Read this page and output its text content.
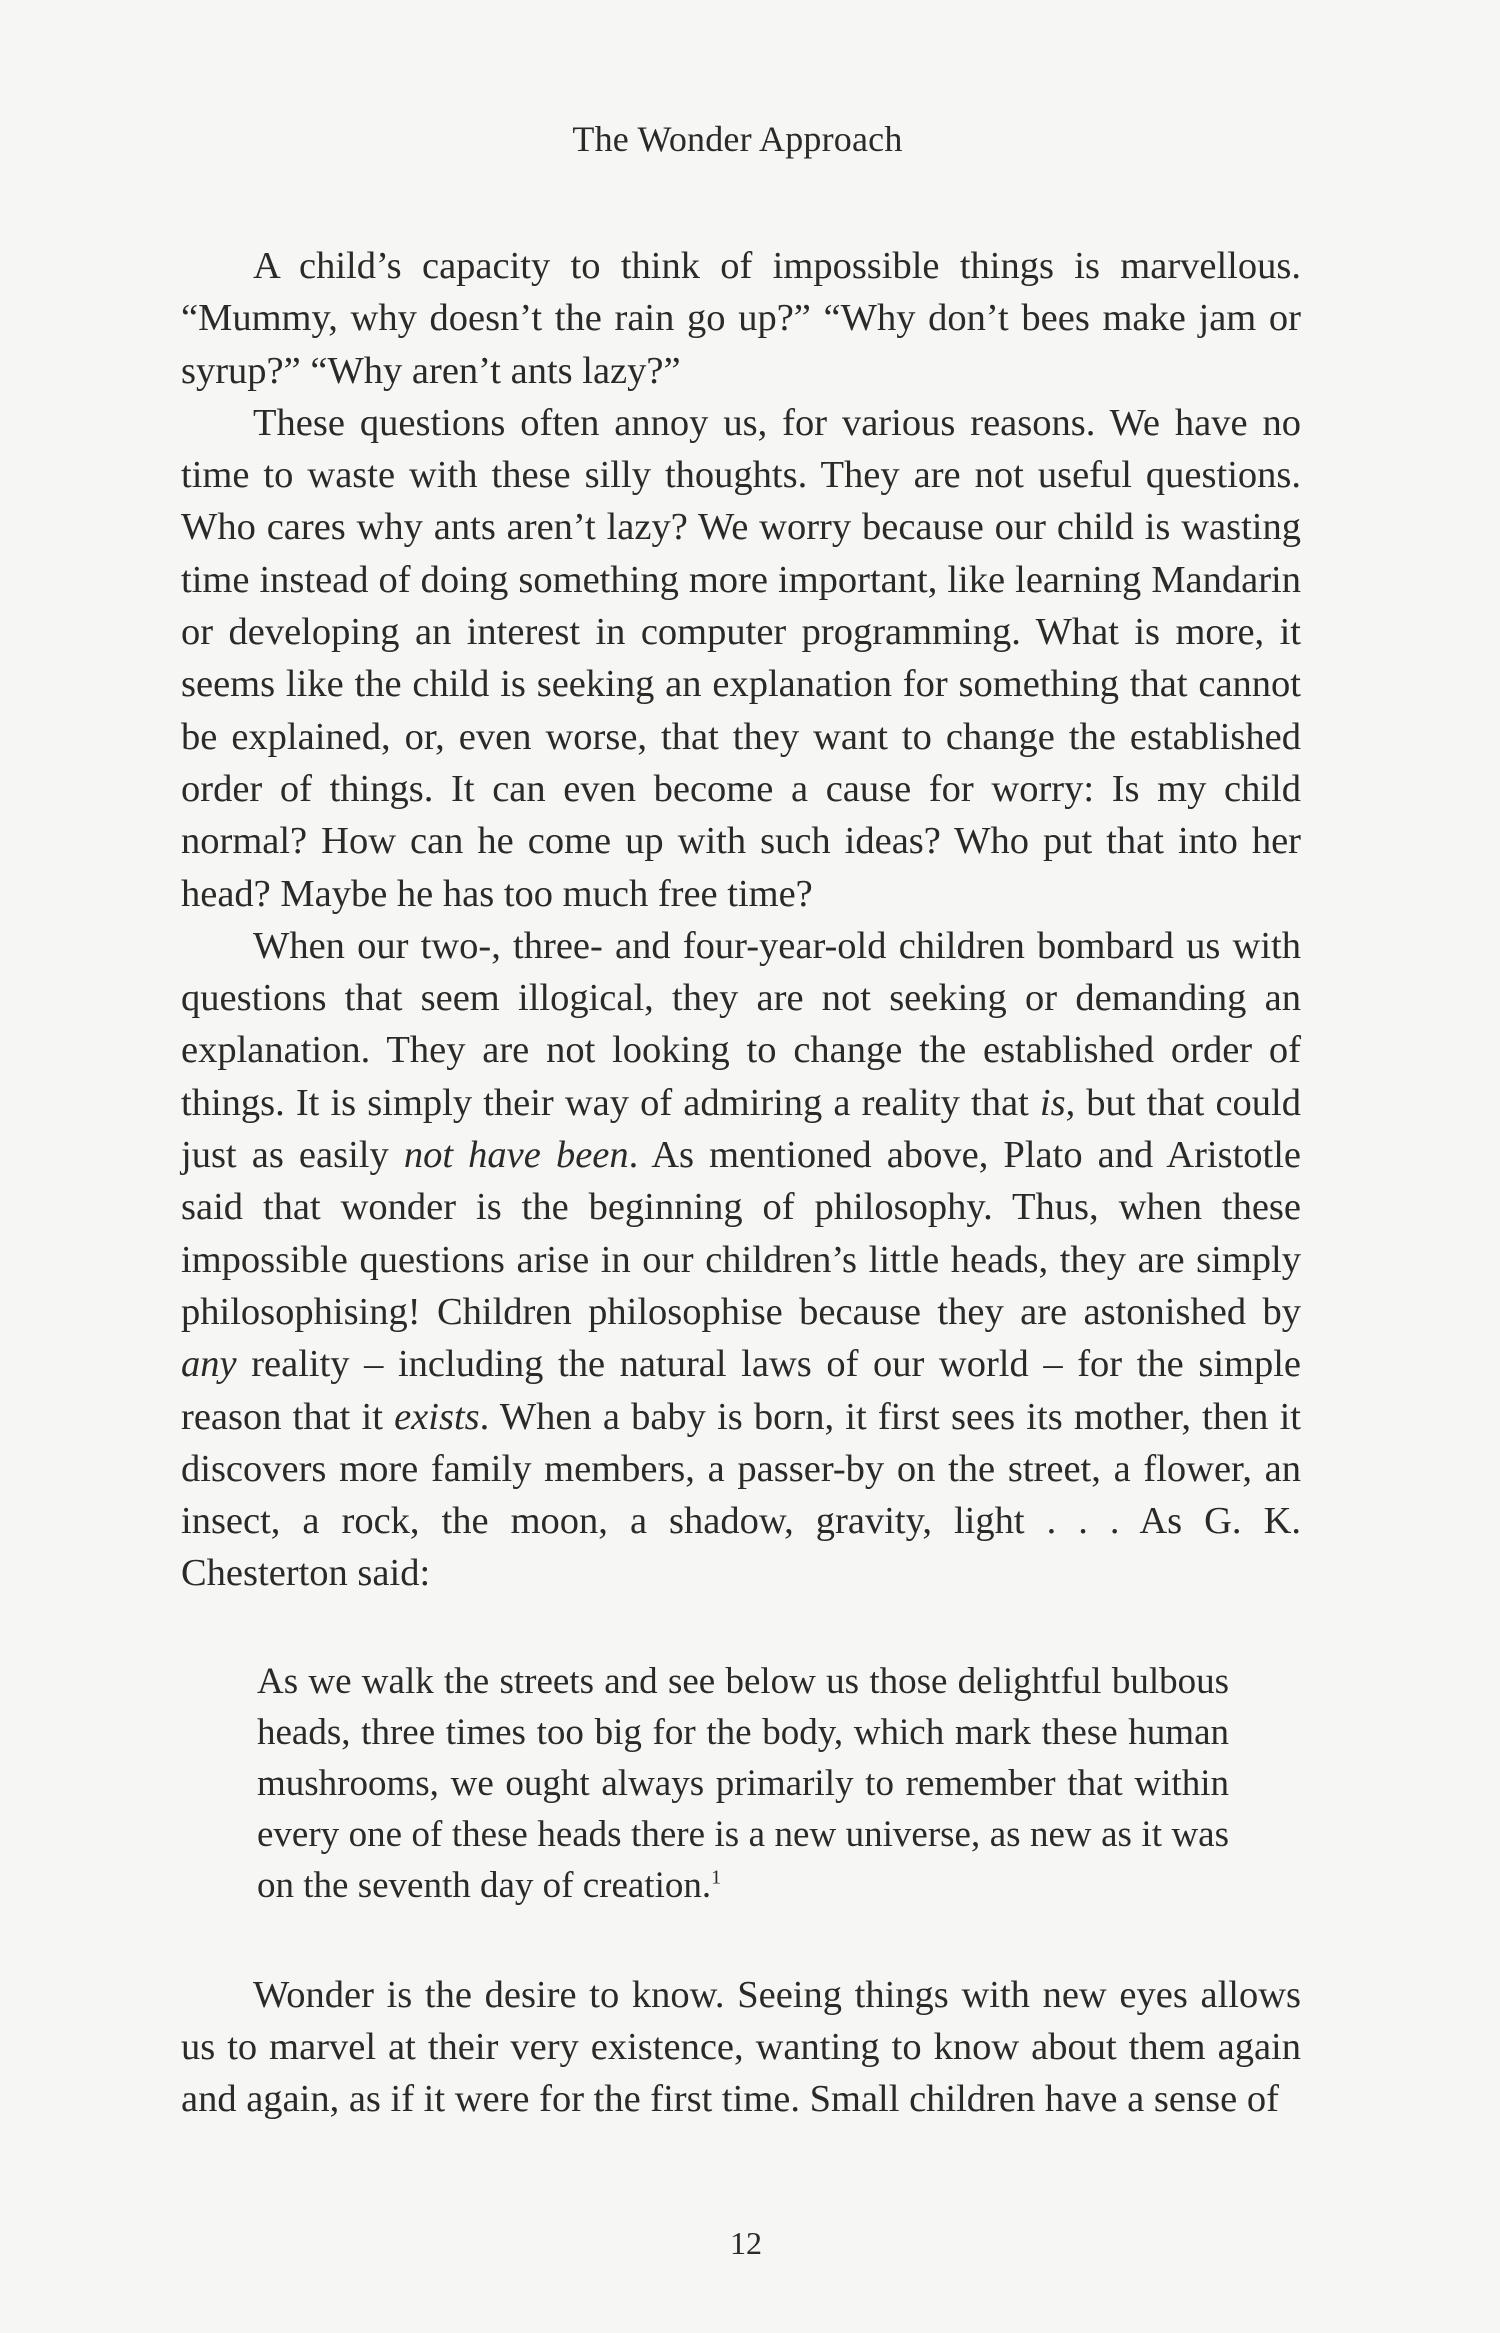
The Wonder Approach

A child’s capacity to think of impossible things is marvellous. “Mummy, why doesn’t the rain go up?” “Why don’t bees make jam or syrup?” “Why aren’t ants lazy?”

These questions often annoy us, for various reasons. We have no time to waste with these silly thoughts. They are not useful questions. Who cares why ants aren’t lazy? We worry because our child is wasting time instead of doing something more important, like learning Mandarin or developing an interest in computer programming. What is more, it seems like the child is seeking an explanation for something that cannot be explained, or, even worse, that they want to change the established order of things. It can even become a cause for worry: Is my child normal? How can he come up with such ideas? Who put that into her head? Maybe he has too much free time?

When our two-, three- and four-year-old children bombard us with questions that seem illogical, they are not seeking or demanding an explanation. They are not looking to change the established order of things. It is simply their way of admiring a reality that is, but that could just as easily not have been. As mentioned above, Plato and Aristotle said that wonder is the beginning of philosophy. Thus, when these impossible questions arise in our children’s little heads, they are simply philosophising! Children philosophise because they are astonished by any reality – including the natural laws of our world – for the simple reason that it exists. When a baby is born, it first sees its mother, then it discovers more family members, a passer-by on the street, a flower, an insect, a rock, the moon, a shadow, gravity, light . . . As G. K. Chesterton said:

As we walk the streets and see below us those delightful bulbous heads, three times too big for the body, which mark these human mushrooms, we ought always primarily to remember that within every one of these heads there is a new universe, as new as it was on the seventh day of creation.$^1$

Wonder is the desire to know. Seeing things with new eyes allows us to marvel at their very existence, wanting to know about them again and again, as if it were for the first time. Small children have a sense of

12
